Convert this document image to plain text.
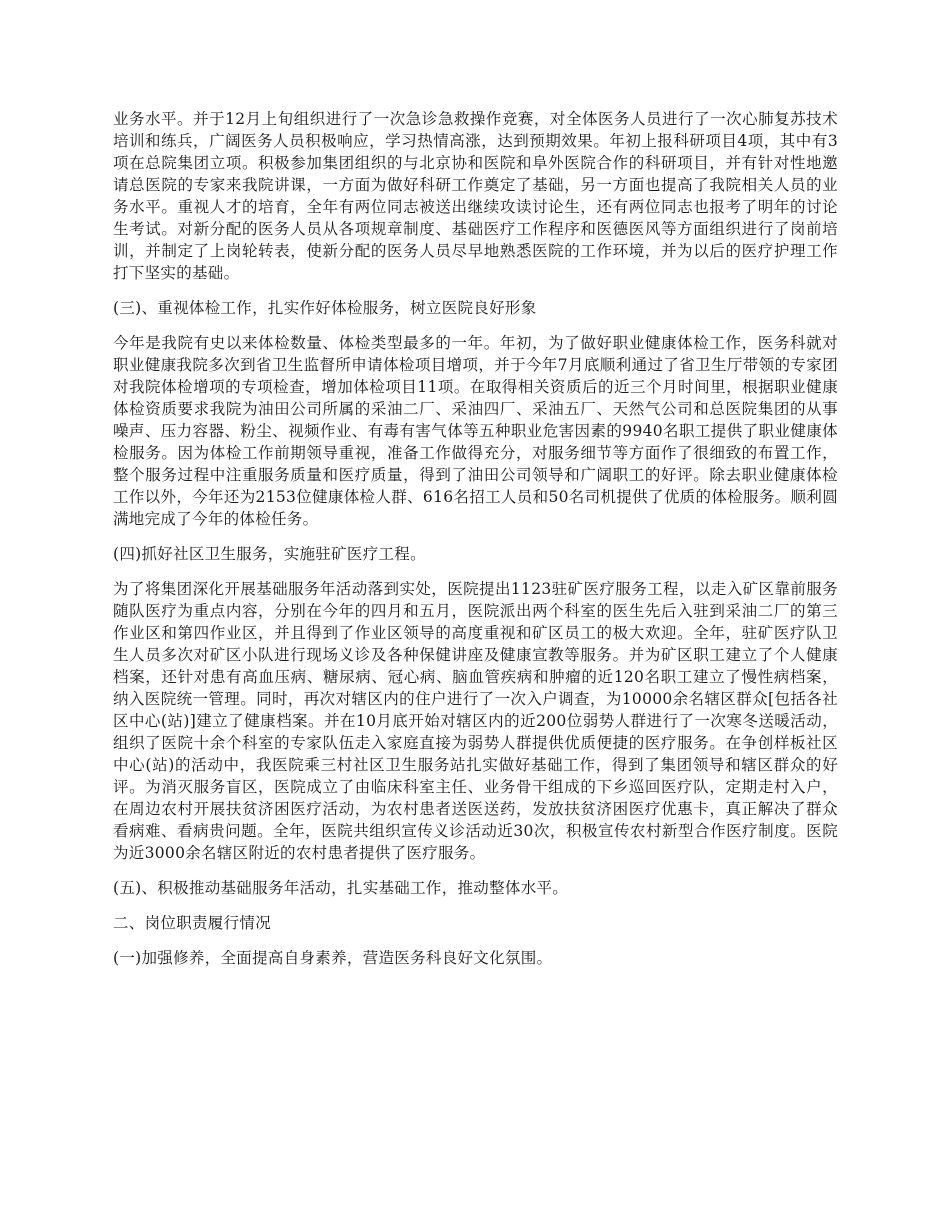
业务水平。并于12月上旬组织进行了一次急诊急救操作竞赛，对全体医务人员进行了一次心肺复苏技术培训和练兵，广阔医务人员积极响应，学习热情高涨，达到预期效果。年初上报科研项目4项，其中有3项在总院集团立项。积极参加集团组织的与北京协和医院和阜外医院合作的科研项目，并有针对性地邀请总医院的专家来我院讲课，一方面为做好科研工作奠定了基础，另一方面也提高了我院相关人员的业务水平。重视人才的培育，全年有两位同志被送出继续攻读讨论生，还有两位同志也报考了明年的讨论生考试。对新分配的医务人员从各项规章制度、基础医疗工作程序和医德医风等方面组织进行了岗前培训，并制定了上岗轮转表，使新分配的医务人员尽早地熟悉医院的工作环境，并为以后的医疗护理工作打下坚实的基础。

(三)、重视体检工作，扎实作好体检服务，树立医院良好形象

今年是我院有史以来体检数量、体检类型最多的一年。年初，为了做好职业健康体检工作，医务科就对职业健康我院多次到省卫生监督所申请体检项目增项，并于今年7月底顺利通过了省卫生厅带领的专家团对我院体检增项的专项检查，增加体检项目11项。在取得相关资质后的近三个月时间里，根据职业健康体检资质要求我院为油田公司所属的采油二厂、采油四厂、采油五厂、天然气公司和总医院集团的从事噪声、压力容器、粉尘、视频作业、有毒有害气体等五种职业危害因素的9940名职工提供了职业健康体检服务。因为体检工作前期领导重视，准备工作做得充分，对服务细节等方面作了很细致的布置工作，整个服务过程中注重服务质量和医疗质量，得到了油田公司领导和广阔职工的好评。除去职业健康体检工作以外，今年还为2153位健康体检人群、616名招工人员和50名司机提供了优质的体检服务。顺利圆满地完成了今年的体检任务。

(四)抓好社区卫生服务，实施驻矿医疗工程。

为了将集团深化开展基础服务年活动落到实处，医院提出1123驻矿医疗服务工程，以走入矿区靠前服务随队医疗为重点内容，分别在今年的四月和五月，医院派出两个科室的医生先后入驻到采油二厂的第三作业区和第四作业区，并且得到了作业区领导的高度重视和矿区员工的极大欢迎。全年，驻矿医疗队卫生人员多次对矿区小队进行现场义诊及各种保健讲座及健康宣教等服务。并为矿区职工建立了个人健康档案，还针对患有高血压病、糖尿病、冠心病、脑血管疾病和肿瘤的近120名职工建立了慢性病档案，纳入医院统一管理。同时，再次对辖区内的住户进行了一次入户调查，为10000余名辖区群众[包括各社区中心(站)]建立了健康档案。并在10月底开始对辖区内的近200位弱势人群进行了一次寒冬送暖活动，组织了医院十余个科室的专家队伍走入家庭直接为弱势人群提供优质便捷的医疗服务。在争创样板社区中心(站)的活动中，我医院乘三村社区卫生服务站扎实做好基础工作，得到了集团领导和辖区群众的好评。为消灭服务盲区，医院成立了由临床科室主任、业务骨干组成的下乡巡回医疗队，定期走村入户，在周边农村开展扶贫济困医疗活动，为农村患者送医送药，发放扶贫济困医疗优惠卡，真正解决了群众看病难、看病贵问题。全年，医院共组织宣传义诊活动近30次，积极宣传农村新型合作医疗制度。医院为近3000余名辖区附近的农村患者提供了医疗服务。

(五)、积极推动基础服务年活动，扎实基础工作，推动整体水平。

二、岗位职责履行情况

(一)加强修养，全面提高自身素养，营造医务科良好文化氛围。
